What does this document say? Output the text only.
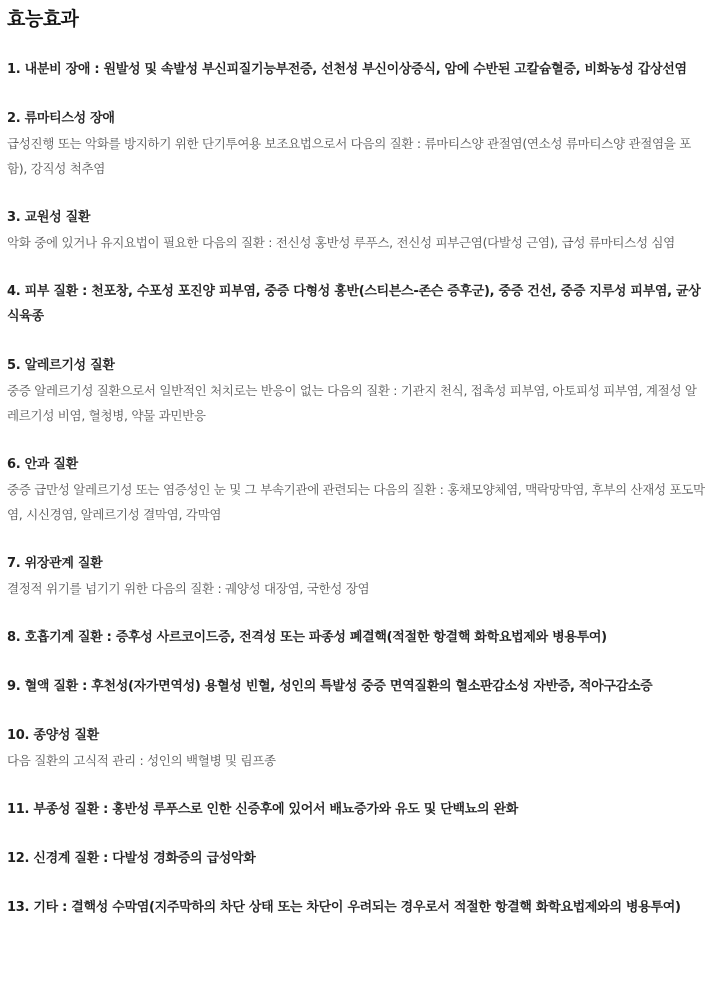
효능효과
1. 내분비 장애 : 원발성 및 속발성 부신피질기능부전증, 선천성 부신이상증식, 암에 수반된 고칼슘혈증, 비화농성 갑상선염
2. 류마티스성 장애
급성진행 또는 악화를 방지하기 위한 단기투여용 보조요법으로서 다음의 질환 : 류마티스양 관절염(연소성 류마티스양 관절염을 포함), 강직성 척추염
3. 교원성 질환
악화 중에 있거나 유지요법이 필요한 다음의 질환 : 전신성 홍반성 루푸스, 전신성 피부근염(다발성 근염), 급성 류마티스성 심염
4. 피부 질환 : 천포창, 수포성 포진양 피부염, 중증 다형성 홍반(스티븐스-존슨 증후군), 중증 건선, 중증 지루성 피부염, 균상식육종
5. 알레르기성 질환
중증 알레르기성 질환으로서 일반적인 처치로는 반응이 없는 다음의 질환 : 기관지 천식, 접촉성 피부염, 아토피성 피부염, 계절성 알레르기성 비염, 혈청병, 약물 과민반응
6. 안과 질환
중증 급만성 알레르기성 또는 염증성인 눈 및 그 부속기관에 관련되는 다음의 질환 : 홍채모양체염, 맥락망막염, 후부의 산재성 포도막염, 시신경염, 알레르기성 결막염, 각막염
7. 위장관계 질환
결정적 위기를 넘기기 위한 다음의 질환 : 궤양성 대장염, 국한성 장염
8. 호흡기계 질환 : 증후성 사르코이드증, 전격성 또는 파종성 폐결핵(적절한 항결핵 화학요법제와 병용투여)
9. 혈액 질환 : 후천성(자가면역성) 용혈성 빈혈, 성인의 특발성 중증 면역질환의 혈소판감소성 자반증, 적아구감소증
10. 종양성 질환
다음 질환의 고식적 관리 : 성인의 백혈병 및 림프종
11. 부종성 질환 : 홍반성 루푸스로 인한 신증후에 있어서 배뇨증가와 유도 및 단백뇨의 완화
12. 신경계 질환 : 다발성 경화증의 급성악화
13. 기타 : 결핵성 수막염(지주막하의 차단 상태 또는 차단이 우려되는 경우로서 적절한 항결핵 화학요법제와의 병용투여)
